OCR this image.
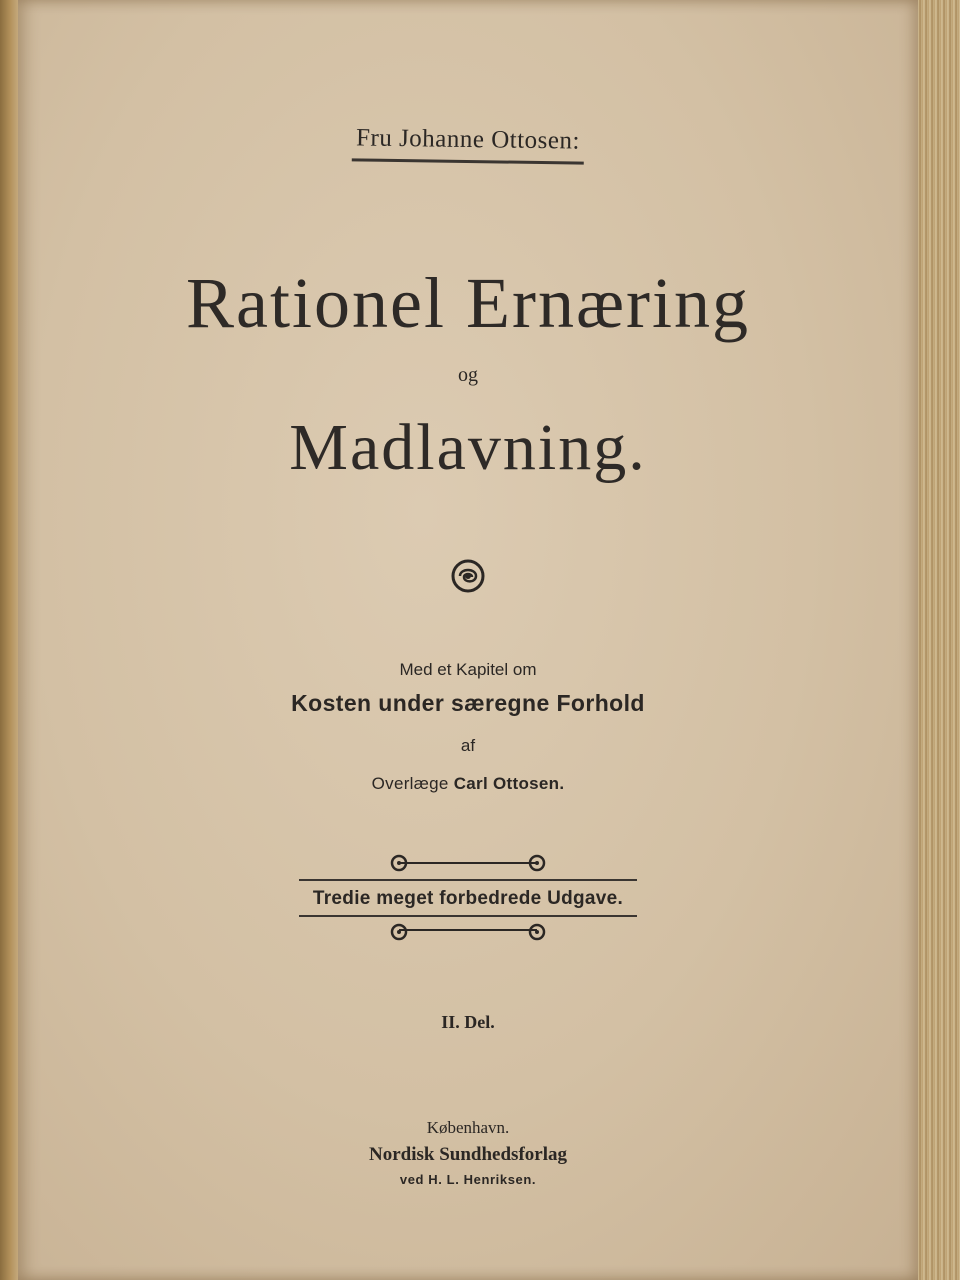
Fru Johanne Ottosen:
Rationel Ernæring
og
Madlavning.
Med et Kapitel om
Kosten under særegne Forhold
af
Overlæge Carl Ottosen.
Tredie meget forbedrede Udgave.
II. Del.
København.
Nordisk Sundhedsforlag
ved H. L. Henriksen.
